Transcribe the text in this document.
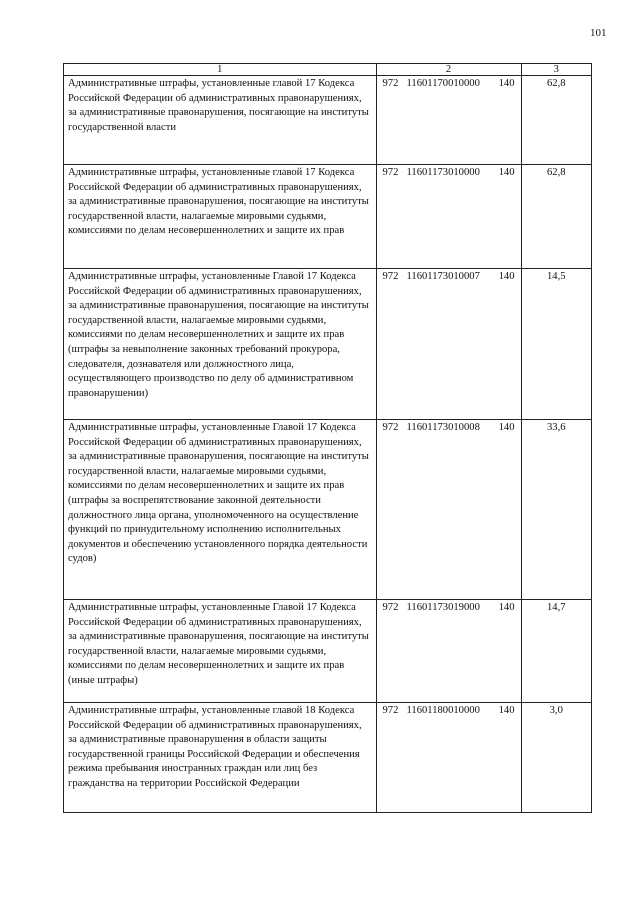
101
1	2	3
Административные штрафы, установленные главой 17 Кодекса Российской Федерации об административных правонарушениях, за административные правонарушения, посягающие на институты государственной власти	972 11601170010000 140	62,8
Административные штрафы, установленные главой 17 Кодекса Российской Федерации об административных правонарушениях, за административные правонарушения, посягающие на институты государственной власти, налагаемые мировыми судьями, комиссиями по делам несовершеннолетних и защите их прав	972 11601173010000 140	62,8
Административные штрафы, установленные Главой 17 Кодекса Российской Федерации об административных правонарушениях, за административные правонарушения, посягающие на институты государственной власти, налагаемые мировыми судьями, комиссиями по делам несовершеннолетних и защите их прав (штрафы за невыполнение законных требований прокурора, следователя, дознавателя или должностного лица, осуществляющего производство по делу об административном правонарушении)	972 11601173010007 140	14,5
Административные штрафы, установленные Главой 17 Кодекса Российской Федерации об административных правонарушениях, за административные правонарушения, посягающие на институты государственной власти, налагаемые мировыми судьями, комиссиями по делам несовершеннолетних и защите их прав (штрафы за воспрепятствование законной деятельности должностного лица органа, уполномоченного на осуществление функций по принудительному исполнению исполнительных документов и обеспечению установленного порядка деятельности судов)	972 11601173010008 140	33,6
Административные штрафы, установленные Главой 17 Кодекса Российской Федерации об административных правонарушениях, за административные правонарушения, посягающие на институты государственной власти, налагаемые мировыми судьями, комиссиями по делам несовершеннолетних и защите их прав (иные штрафы)	972 11601173019000 140	14,7
Административные штрафы, установленные главой 18 Кодекса Российской Федерации об административных правонарушениях, за административные правонарушения в области защиты государственной границы Российской Федерации и обеспечения режима пребывания иностранных граждан или лиц без гражданства на территории Российской Федерации	972 11601180010000 140	3,0
